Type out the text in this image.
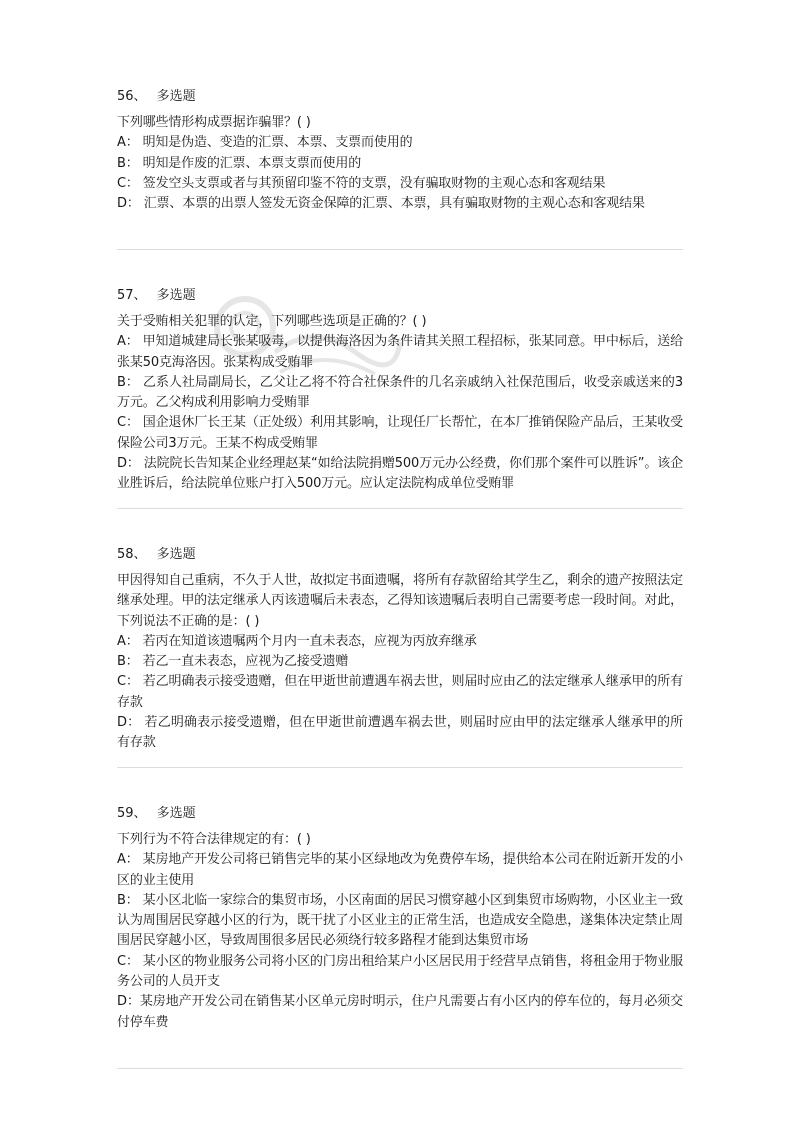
56、 多选题
下列哪些情形构成票据诈骗罪？( )
A： 明知是伪造、变造的汇票、本票、支票而使用的
B： 明知是作废的汇票、本票支票而使用的
C： 签发空头支票或者与其预留印鉴不符的支票，没有骗取财物的主观心态和客观结果
D： 汇票、本票的出票人签发无资金保障的汇票、本票，具有骗取财物的主观心态和客观结果
57、 多选题
关于受贿相关犯罪的认定，下列哪些选项是正确的？( )
A： 甲知道城建局长张某吸毒，以提供海洛因为条件请其关照工程招标，张某同意。甲中标后，送给张某50克海洛因。张某构成受贿罪
B： 乙系人社局副局长，乙父让乙将不符合社保条件的几名亲戚纳入社保范围后，收受亲戚送来的3万元。乙父构成利用影响力受贿罪
C： 国企退休厂长王某（正处级）利用其影响，让现任厂长帮忙，在本厂推销保险产品后，王某收受保险公司3万元。王某不构成受贿罪
D： 法院院长告知某企业经理赵某“如给法院捐赠500万元办公经费，你们那个案件可以胜诉”。该企业胜诉后，给法院单位账户打入500万元。应认定法院构成单位受贿罪
58、 多选题
甲因得知自己重病，不久于人世，故拟定书面遗嘱，将所有存款留给其学生乙，剩余的遗产按照法定继承处理。甲的法定继承人丙该遗嘱后未表态，乙得知该遗嘱后表明自己需要考虑一段时间。对此，下列说法不正确的是：( )
A： 若丙在知道该遗嘱两个月内一直未表态，应视为丙放弃继承
B： 若乙一直未表态，应视为乙接受遗赠
C： 若乙明确表示接受遗赠，但在甲逝世前遭遇车祸去世，则届时应由乙的法定继承人继承甲的所有存款
D： 若乙明确表示接受遗赠，但在甲逝世前遭遇车祸去世，则届时应由甲的法定继承人继承甲的所有存款
59、 多选题
下列行为不符合法律规定的有：( )
A： 某房地产开发公司将已销售完毕的某小区绿地改为免费停车场，提供给本公司在附近新开发的小区的业主使用
B： 某小区北临一家综合的集贸市场，小区南面的居民习惯穿越小区到集贸市场购物，小区业主一致认为周围居民穿越小区的行为，既干扰了小区业主的正常生活，也造成安全隐患，遂集体决定禁止周围居民穿越小区，导致周围很多居民必须绕行较多路程才能到达集贸市场
C： 某小区的物业服务公司将小区的门房出租给某户小区居民用于经营早点销售，将租金用于物业服务公司的人员开支
D：某房地产开发公司在销售某小区单元房时明示，住户凡需要占有小区内的停车位的，每月必须交付停车费
